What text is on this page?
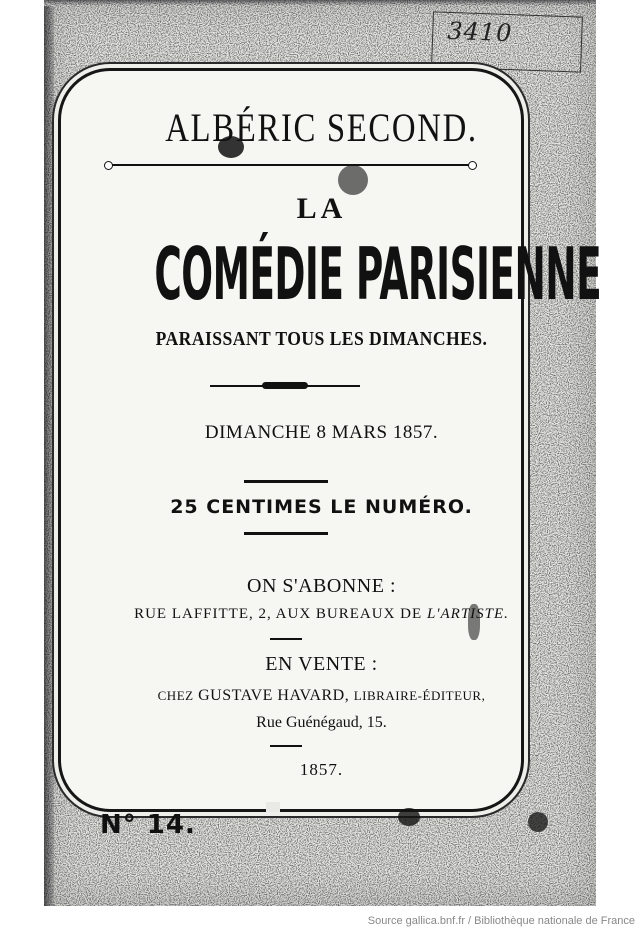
3410
ALBÉRIC SECOND.
LA
COMÉDIE PARISIENNE
PARAISSANT TOUS LES DIMANCHES.
DIMANCHE 8 MARS 1857.
25 CENTIMES LE NUMÉRO.
ON S'ABONNE :
RUE LAFFITTE, 2, AUX BUREAUX DE L'ARTISTE.
EN VENTE :
CHEZ GUSTAVE HAVARD, LIBRAIRE-ÉDITEUR,
Rue Guénégaud, 15.
1857.
N° 14.
Source gallica.bnf.fr / Bibliothèque nationale de France
